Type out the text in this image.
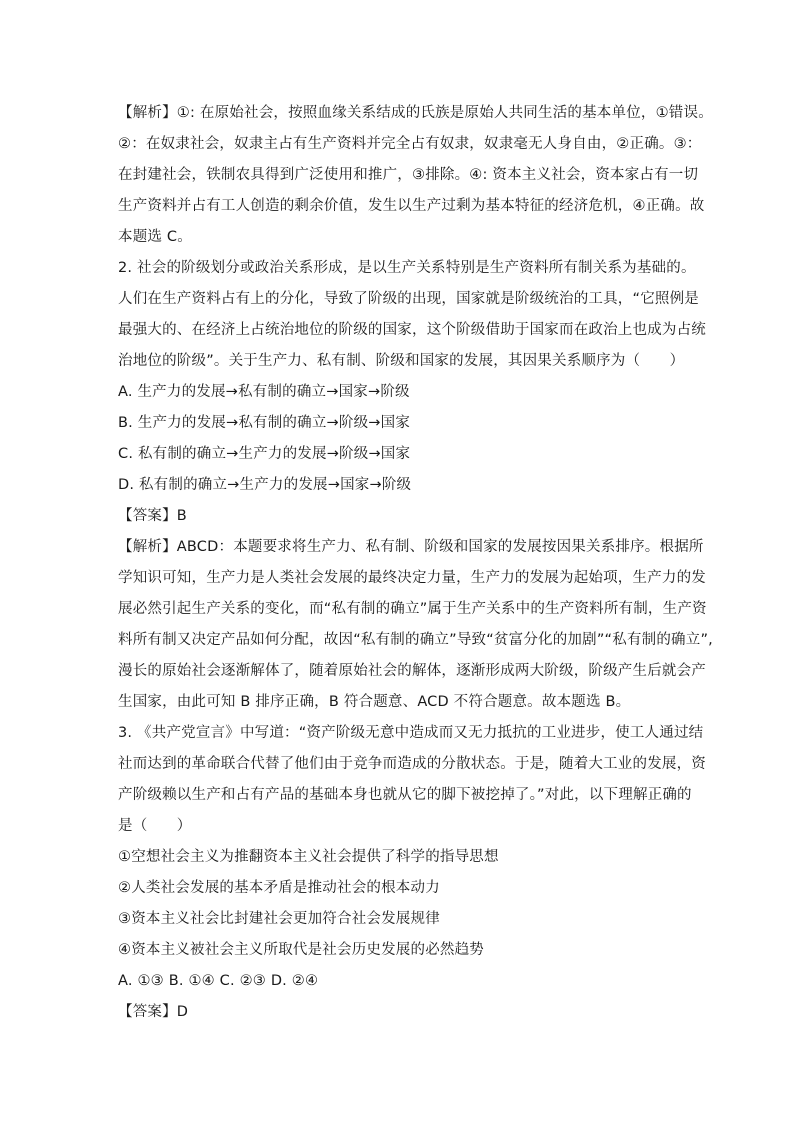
【解析】①: 在原始社会，按照血缘关系结成的氏族是原始人共同生活的基本单位，①错误。
②：在奴隶社会，奴隶主占有生产资料并完全占有奴隶，奴隶毫无人身自由，②正确。③：
在封建社会，铁制农具得到广泛使用和推广，③排除。④: 资本主义社会，资本家占有一切
生产资料并占有工人创造的剩余价值，发生以生产过剩为基本特征的经济危机，④正确。故
本题选 C。
2. 社会的阶级划分或政治关系形成，是以生产关系特别是生产资料所有制关系为基础的。
人们在生产资料占有上的分化，导致了阶级的出现，国家就是阶级统治的工具，“它照例是
最强大的、在经济上占统治地位的阶级的国家，这个阶级借助于国家而在政治上也成为占统
治地位的阶级”。关于生产力、私有制、阶级和国家的发展，其因果关系顺序为（　　）
A. 生产力的发展→私有制的确立→国家→阶级
B. 生产力的发展→私有制的确立→阶级→国家
C. 私有制的确立→生产力的发展→阶级→国家
D. 私有制的确立→生产力的发展→国家→阶级
【答案】B
【解析】ABCD：本题要求将生产力、私有制、阶级和国家的发展按因果关系排序。根据所
学知识可知，生产力是人类社会发展的最终决定力量，生产力的发展为起始项，生产力的发
展必然引起生产关系的变化，而“私有制的确立”属于生产关系中的生产资料所有制，生产资
料所有制又决定产品如何分配，故因“私有制的确立”导致“贫富分化的加剧”“私有制的确立”,
漫长的原始社会逐渐解体了，随着原始社会的解体，逐渐形成两大阶级，阶级产生后就会产
生国家，由此可知 B 排序正确，B 符合题意、ACD 不符合题意。故本题选 B。
3. 《共产党宣言》中写道：“资产阶级无意中造成而又无力抵抗的工业进步，使工人通过结
社而达到的革命联合代替了他们由于竞争而造成的分散状态。于是，随着大工业的发展，资
产阶级赖以生产和占有产品的基础本身也就从它的脚下被挖掉了。”对此，以下理解正确的
是（　　）
①空想社会主义为推翻资本主义社会提供了科学的指导思想
②人类社会发展的基本矛盾是推动社会的根本动力
③资本主义社会比封建社会更加符合社会发展规律
④资本主义被社会主义所取代是社会历史发展的必然趋势
A. ①③ B. ①④ C. ②③ D. ②④
【答案】D
